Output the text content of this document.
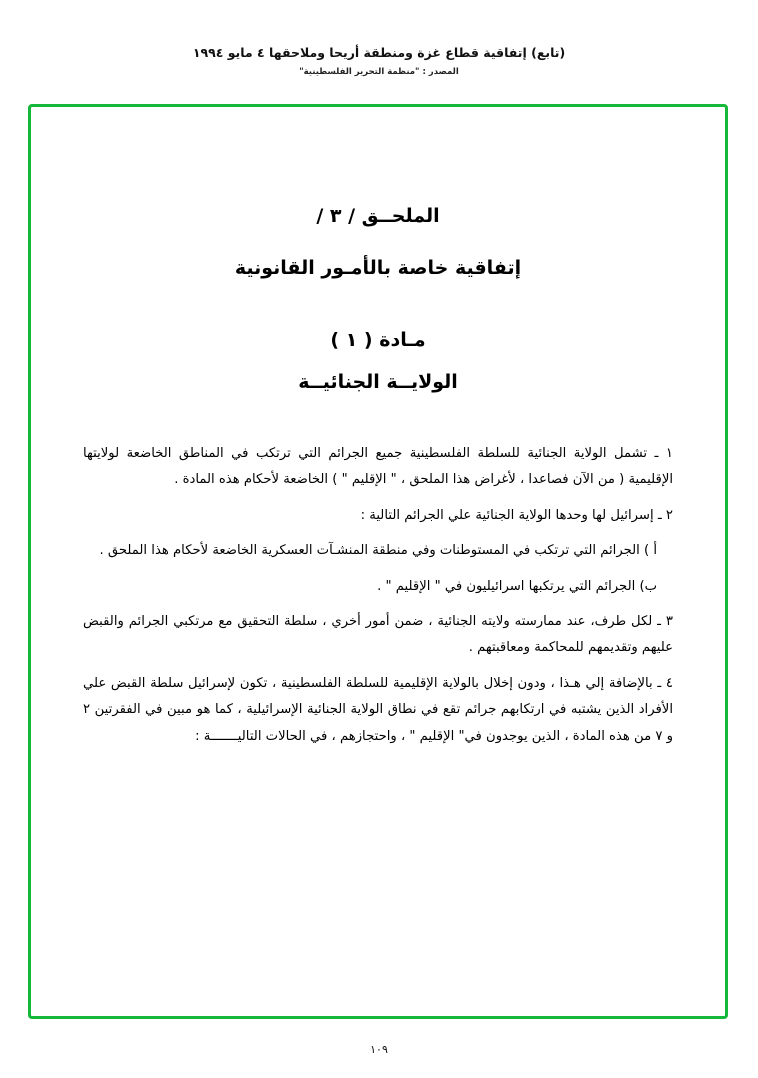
(تابع) إتفاقية قطاع غزة ومنطقة أريحا وملاحقها ٤ مايو ١٩٩٤
المصدر : "منظمة التحرير الفلسطينية"
الملحــق / ٣ /
إتفاقية خاصة بالأمـور القانونية
مـادة ( ١ )
الولايــة الجنائيــة
١ ـ تشمل الولاية الجنائية للسلطة الفلسطينية جميع الجرائم التي ترتكب في المناطق الخاضعة لولايتها الإقليمية ( من الآن فصاعدا ، لأغراض هذا الملحق ، " الإقليم " ) الخاضعة لأحكام هذه المادة .
٢ ـ إسرائيل لها وحدها الولاية الجنائية علي الجرائم التالية :
أ ) الجرائم التي ترتكب في المستوطنات وفي منطقة المنشـآت العسكرية الخاضعة لأحكام هذا الملحق .
ب) الجرائم التي يرتكبها اسرائيليون في " الإقليم " .
٣ ـ لكل طرف، عند ممارسته ولايته الجنائية ، ضمن أمور أخري ، سلطة التحقيق مع مرتكبي الجرائم والقبض عليهم وتقديمهم للمحاكمة ومعاقبتهم .
٤ ـ بالإضافة إلي هـذا ، ودون إخلال بالولاية الإقليمية للسلطة الفلسطينية ، تكون لإسرائيل سلطة القبض علي الأفراد الذين يشتبه في ارتكابهم جرائم تقع في نطاق الولاية الجنائية الإسرائيلية ، كما هو مبين في الفقرتين ٢ و ٧ من هذه المادة ، الذين يوجدون في" الإقليم " ، واحتجازهم ، في الحالات التاليـــــــة :
١٠٩
